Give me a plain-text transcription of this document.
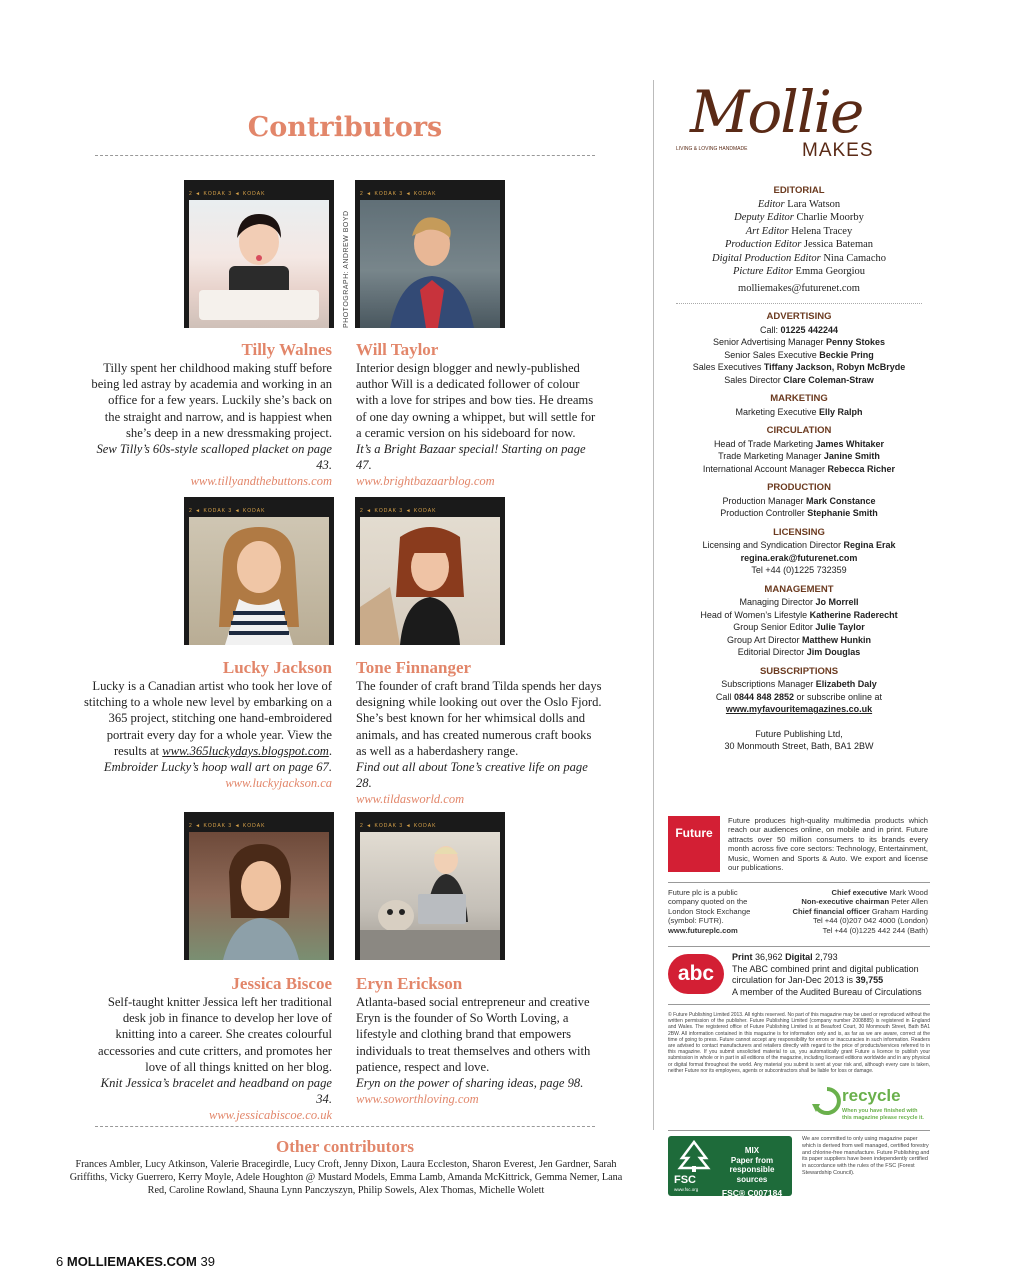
Contributors
2 ◄ KODAK 3 ◄ KODAK	2 ◄ KODAK 3 ◄ KODAK
PHOTOGRAPH: ANDREW BOYD
Tilly Walnes
Tilly spent her childhood making stuff before being led astray by academia and working in an office for a few years. Luckily she’s back on the straight and narrow, and is happiest when she’s deep in a new dressmaking project.
Sew Tilly’s 60s-style scalloped placket on page 43.
www.tillyandthebuttons.com
Will Taylor
Interior design blogger and newly-published author Will is a dedicated follower of colour with a love for stripes and bow ties. He dreams of one day owning a whippet, but will settle for a ceramic version on his sideboard for now.
It’s a Bright Bazaar special! Starting on page 47.
www.brightbazaarblog.com
2 ◄ KODAK 3 ◄ KODAK	2 ◄ KODAK 3 ◄ KODAK
Lucky Jackson
Lucky is a Canadian artist who took her love of stitching to a whole new level by embarking on a 365 project, stitching one hand-embroidered portrait every day for a whole year. View the results at www.365luckydays.blogspot.com.
Embroider Lucky’s hoop wall art on page 67.
www.luckyjackson.ca
Tone Finnanger
The founder of craft brand Tilda spends her days designing while looking out over the Oslo Fjord. She’s best known for her whimsical dolls and animals, and has created numerous craft books as well as a haberdashery range.
Find out all about Tone’s creative life on page 28.
www.tildasworld.com
2 ◄ KODAK 3 ◄ KODAK	2 ◄ KODAK 3 ◄ KODAK
Jessica Biscoe
Self-taught knitter Jessica left her traditional desk job in finance to develop her love of knitting into a career. She creates colourful accessories and cute critters, and promotes her love of all things knitted on her blog.
Knit Jessica’s bracelet and headband on page 34.
www.jessicabiscoe.co.uk
Eryn Erickson
Atlanta-based social entrepreneur and creative Eryn is the founder of So Worth Loving, a lifestyle and clothing brand that empowers individuals to treat themselves and others with patience, respect and love.
Eryn on the power of sharing ideas, page 98.
www.soworthloving.com
Other contributors
Frances Ambler, Lucy Atkinson, Valerie Bracegirdle, Lucy Croft, Jenny Dixon, Laura Eccleston, Sharon Everest, Jen Gardner, Sarah Griffiths, Vicky Guerrero, Kerry Moyle, Adele Houghton @ Mustard Models, Emma Lamb, Amanda McKittrick, Gemma Nemer, Lana Red, Caroline Rowland, Shauna Lynn Panczyszyn, Philip Sowels, Alex Thomas, Michelle Wolett
Mollie
MAKES
LIVING & LOVING HANDMADE
EDITORIAL
Editor Lara Watson
Deputy Editor Charlie Moorby
Art Editor Helena Tracey
Production Editor Jessica Bateman
Digital Production Editor Nina Camacho
Picture Editor Emma Georgiou
molliemakes@futurenet.com
ADVERTISING
Call: 01225 442244
Senior Advertising Manager Penny Stokes
Senior Sales Executive Beckie Pring
Sales Executives Tiffany Jackson, Robyn McBryde
Sales Director Clare Coleman-Straw
MARKETING
Marketing Executive Elly Ralph
CIRCULATION
Head of Trade Marketing James Whitaker
Trade Marketing Manager Janine Smith
International Account Manager Rebecca Richer
PRODUCTION
Production Manager Mark Constance
Production Controller Stephanie Smith
LICENSING
Licensing and Syndication Director Regina Erak
regina.erak@futurenet.com
Tel +44 (0)1225 732359
MANAGEMENT
Managing Director Jo Morrell
Head of Women’s Lifestyle Katherine Raderecht
Group Senior Editor Julie Taylor
Group Art Director Matthew Hunkin
Editorial Director Jim Douglas
SUBSCRIPTIONS
Subscriptions Manager Elizabeth Daly
Call 0844 848 2852 or subscribe online at
www.myfavouritemagazines.co.uk
Future Publishing Ltd,
30 Monmouth Street, Bath, BA1 2BW
Future
Future produces high-quality multimedia products which reach our audiences online, on mobile and in print. Future attracts over 50 million consumers to its brands every month across five core sectors: Technology, Entertainment, Music, Women and Sports & Auto. We export and license our publications.
Future plc is a public company quoted on the London Stock Exchange (symbol: FUTR).
www.futureplc.com
Chief executive Mark Wood
Non-executive chairman Peter Allen
Chief financial officer Graham Harding
Tel +44 (0)207 042 4000 (London)
Tel +44 (0)1225 442 244 (Bath)
abc
Print 36,962 Digital 2,793
The ABC combined print and digital publication circulation for Jan-Dec 2013 is 39,755
A member of the Audited Bureau of Circulations
© Future Publishing Limited 2013. All rights reserved. No part of this magazine may be used or reproduced without the written permission of the publisher. Future Publishing Limited (company number 2008885) is registered in England and Wales. The registered office of Future Publishing Limited is at Beauford Court, 30 Monmouth Street, Bath BA1 2BW. All information contained in this magazine is for information only and is, as far as we are aware, correct at the time of going to press. Future cannot accept any responsibility for errors or inaccuracies in such information. Readers are advised to contact manufacturers and retailers directly with regard to the price of products/services referred to in this magazine. If you submit unsolicited material to us, you automatically grant Future a licence to publish your submission in whole or in part in all editions of the magazine, including licensed editions worldwide and in any physical or digital format throughout the world. Any material you submit is sent at your risk and, although every care is taken, neither Future nor its employees, agents or subcontractors shall be liable for loss or damage.
recycle
When you have finished with
this magazine please recycle it.
FSC
www.fsc.org
MIX
Paper from
responsible sources
FSC® C007184
We are committed to only using magazine paper which is derived from well managed, certified forestry and chlorine-free manufacture. Future Publishing and its paper suppliers have been independently certified in accordance with the rules of the FSC (Forest Stewardship Council).
6 MOLLIEMAKES.COM 39
